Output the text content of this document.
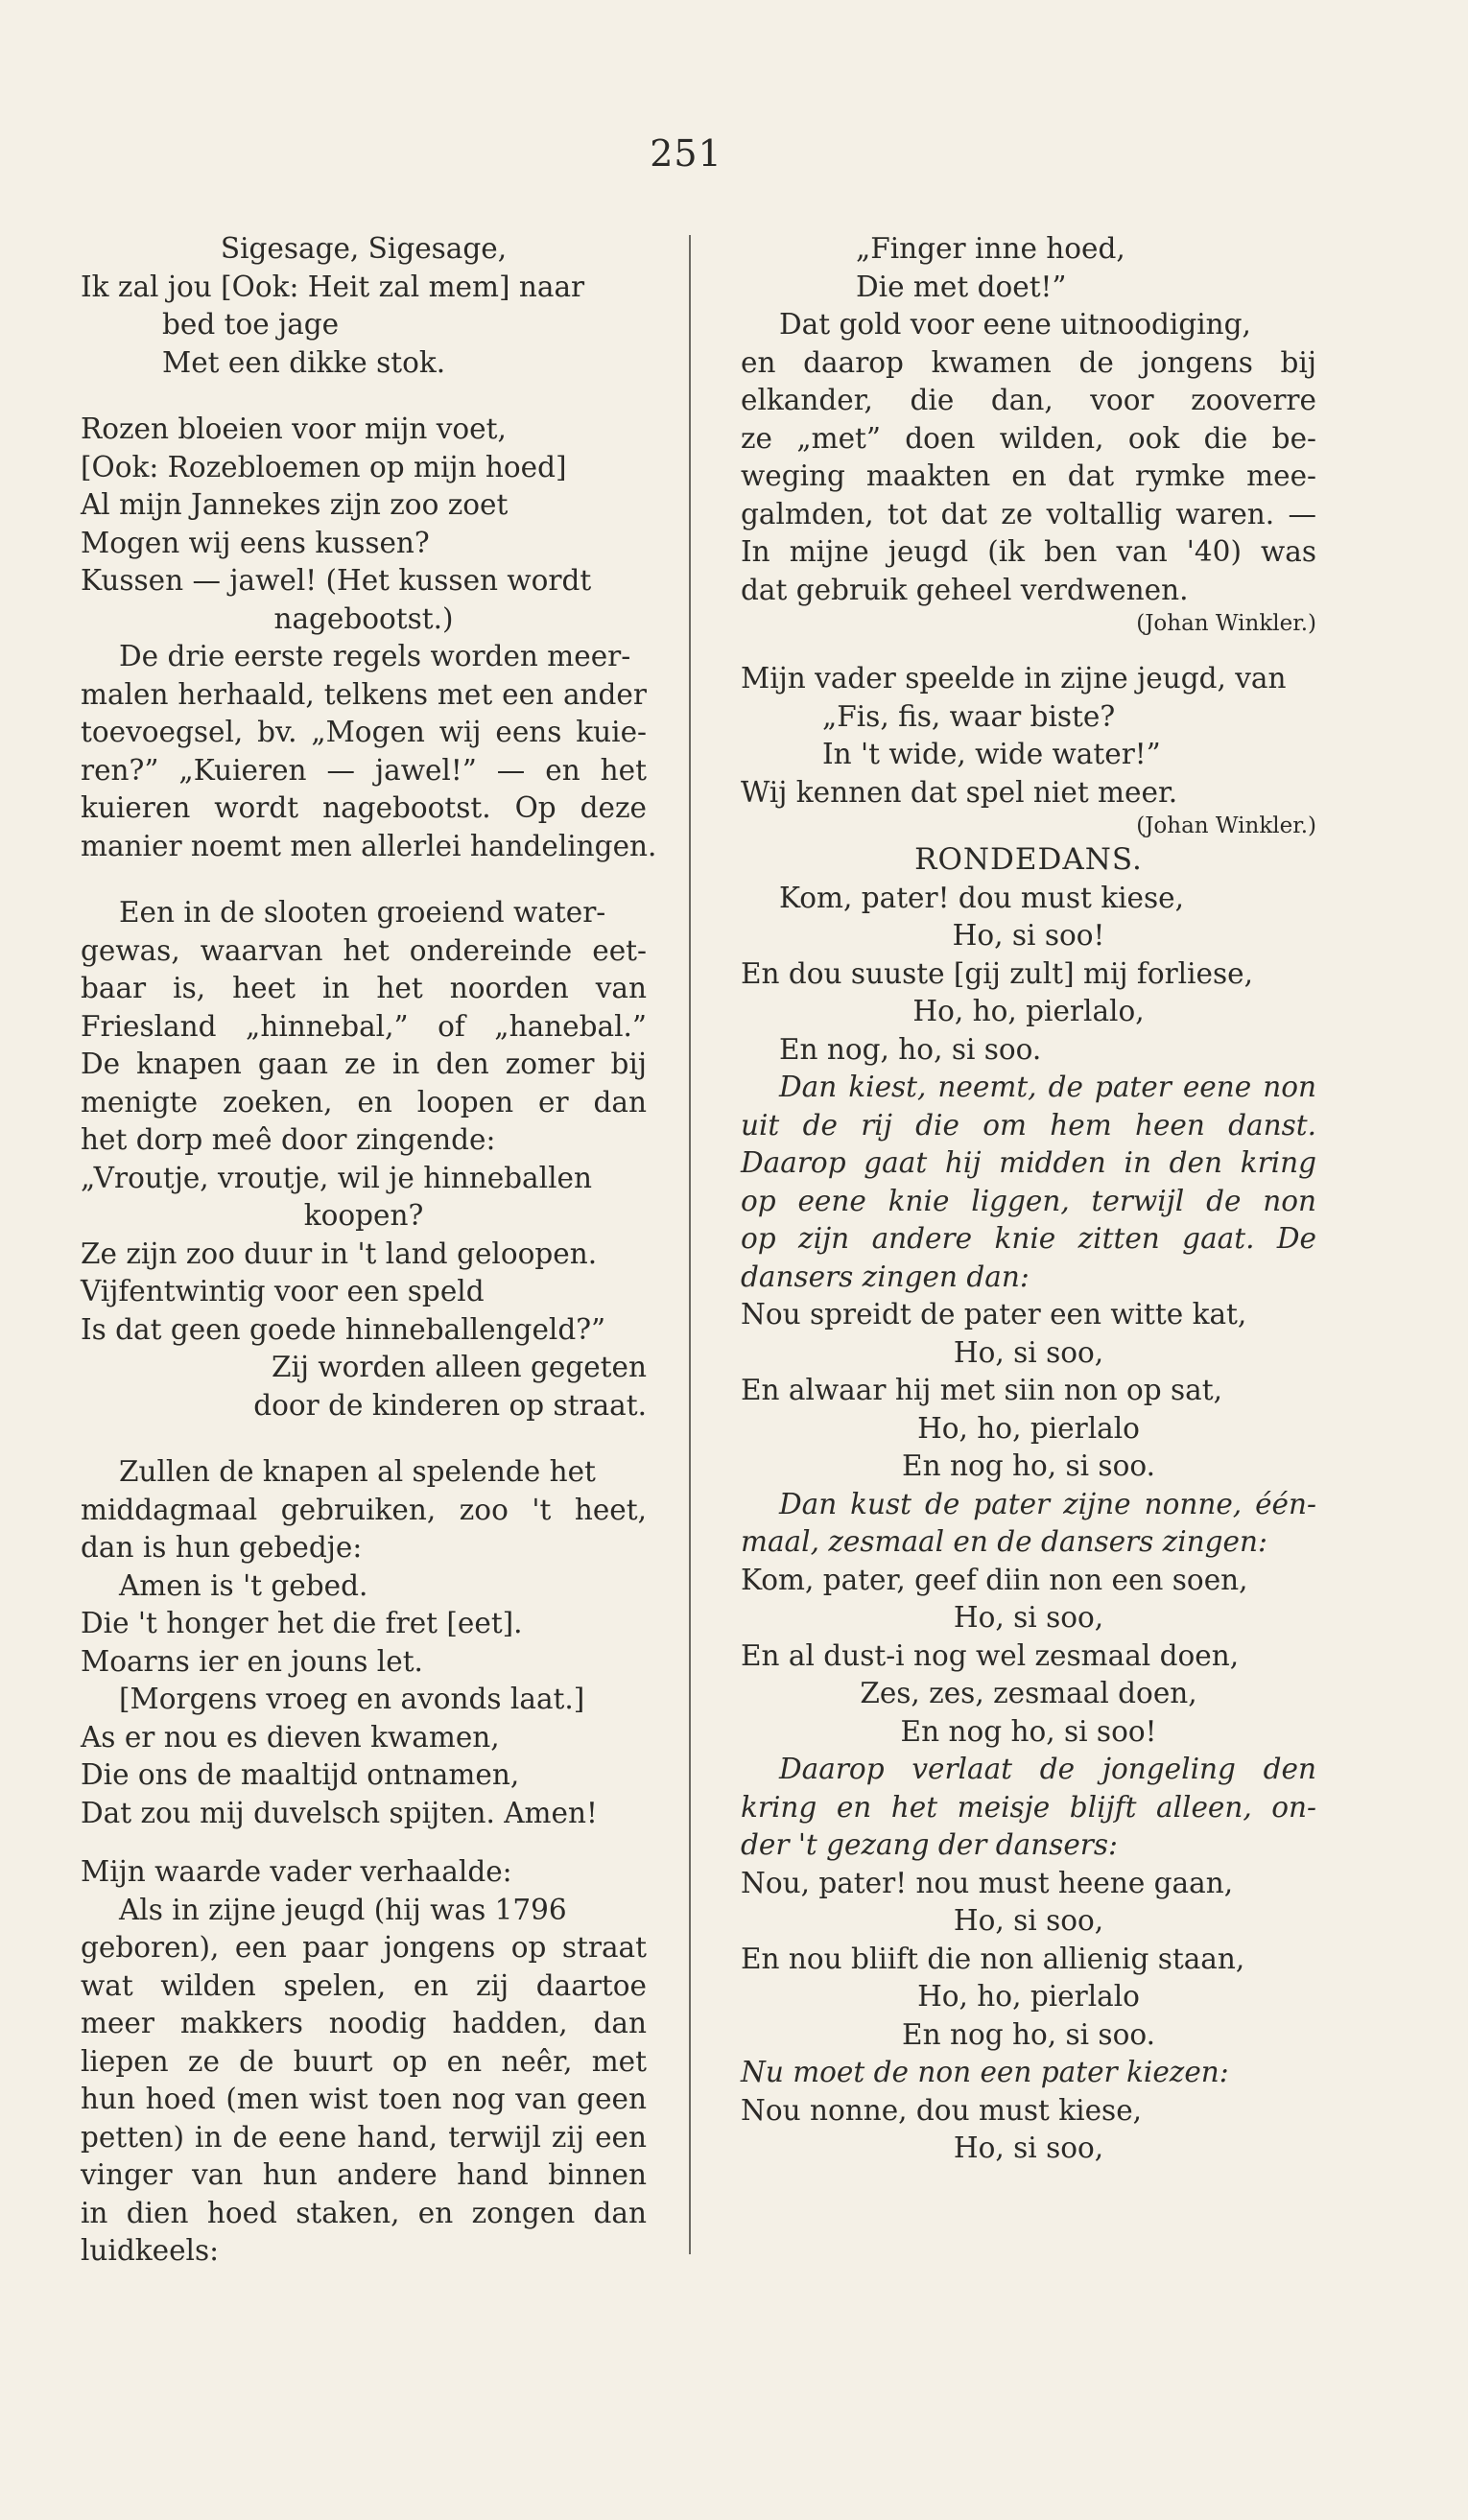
251
Sigesage, Sigesage,
Ik zal jou [Ook: Heit zal mem] naar
bed toe jage
Met een dikke stok.
Rozen bloeien voor mijn voet,
[Ook: Rozebloemen op mijn hoed]
Al mijn Jannekes zijn zoo zoet
Mogen wij eens kussen?
Kussen — jawel! (Het kussen wordt
nagebootst.)
De drie eerste regels worden meer-
malen herhaald, telkens met een ander
toevoegsel, bv. „Mogen wij eens kuie-
ren?” „Kuieren — jawel!” — en het
kuieren wordt nagebootst. Op deze
manier noemt men allerlei handelingen.
Een in de slooten groeiend water-
gewas, waarvan het ondereinde eet-
baar is, heet in het noorden van
Friesland „hinnebal,” of „hanebal.”
De knapen gaan ze in den zomer bij
menigte zoeken, en loopen er dan
het dorp meê door zingende:
„Vroutje, vroutje, wil je hinneballen
koopen?
Ze zijn zoo duur in 't land geloopen.
Vijfentwintig voor een speld
Is dat geen goede hinneballengeld?”
Zij worden alleen gegeten
door de kinderen op straat.
Zullen de knapen al spelende het
middagmaal gebruiken, zoo 't heet,
dan is hun gebedje:
Amen is 't gebed.
Die 't honger het die fret [eet].
Moarns ier en jouns let.
[Morgens vroeg en avonds laat.]
As er nou es dieven kwamen,
Die ons de maaltijd ontnamen,
Dat zou mij duvelsch spijten. Amen!
Mijn waarde vader verhaalde:
Als in zijne jeugd (hij was 1796
geboren), een paar jongens op straat
wat wilden spelen, en zij daartoe
meer makkers noodig hadden, dan
liepen ze de buurt op en neêr, met
hun hoed (men wist toen nog van geen
petten) in de eene hand, terwijl zij een
vinger van hun andere hand binnen
in dien hoed staken, en zongen dan
luidkeels:
„Finger inne hoed,
Die met doet!”
Dat gold voor eene uitnoodiging,
en daarop kwamen de jongens bij
elkander, die dan, voor zooverre
ze „met” doen wilden, ook die be-
weging maakten en dat rymke mee-
galmden, tot dat ze voltallig waren. —
In mijne jeugd (ik ben van '40) was
dat gebruik geheel verdwenen.
(Johan Winkler.)
Mijn vader speelde in zijne jeugd, van
„Fis, fis, waar biste?
In 't wide, wide water!”
Wij kennen dat spel niet meer.
(Johan Winkler.)
RONDEDANS.
Kom, pater! dou must kiese,
Ho, si soo!
En dou suuste [gij zult] mij forliese,
Ho, ho, pierlalo,
En nog, ho, si soo.
Dan kiest, neemt, de pater eene non
uit de rij die om hem heen danst.
Daarop gaat hij midden in den kring
op eene knie liggen, terwijl de non
op zijn andere knie zitten gaat. De
dansers zingen dan:
Nou spreidt de pater een witte kat,
Ho, si soo,
En alwaar hij met siin non op sat,
Ho, ho, pierlalo
En nog ho, si soo.
Dan kust de pater zijne nonne, één-
maal, zesmaal en de dansers zingen:
Kom, pater, geef diin non een soen,
Ho, si soo,
En al dust-i nog wel zesmaal doen,
Zes, zes, zesmaal doen,
En nog ho, si soo!
Daarop verlaat de jongeling den
kring en het meisje blijft alleen, on-
der 't gezang der dansers:
Nou, pater! nou must heene gaan,
Ho, si soo,
En nou bliift die non allienig staan,
Ho, ho, pierlalo
En nog ho, si soo.
Nu moet de non een pater kiezen:
Nou nonne, dou must kiese,
Ho, si soo,
